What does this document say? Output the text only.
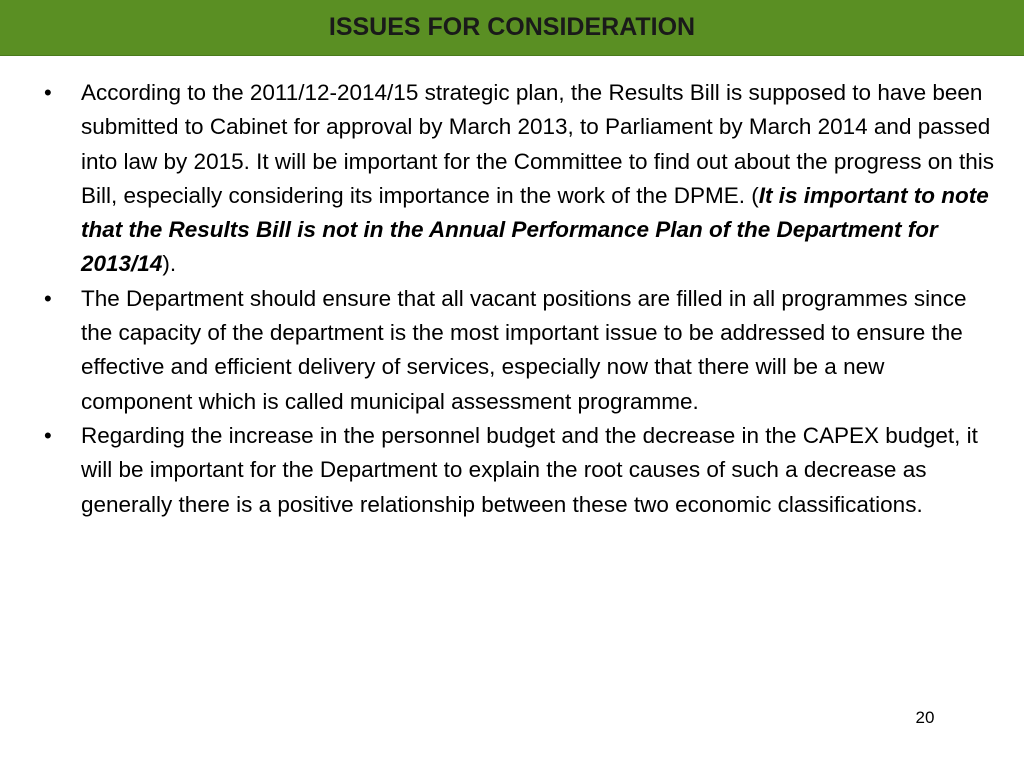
ISSUES FOR CONSIDERATION
• According to the 2011/12-2014/15 strategic plan, the Results Bill is supposed to have been submitted to Cabinet for approval by March 2013, to Parliament by March 2014 and passed into law by 2015. It will be important for the Committee to find out about the progress on this Bill, especially considering its importance in the work of the DPME. (It is important to note that the Results Bill is not in the Annual Performance Plan of the Department for 2013/14).
• The Department should ensure that all vacant positions are filled in all programmes since the capacity of the department is the most important issue to be addressed to ensure the effective and efficient delivery of services, especially now that there will be a new component which is called municipal assessment programme.
• Regarding the increase in the personnel budget and the decrease in the CAPEX budget, it will be important for the Department to explain the root causes of such a decrease as generally there is a positive relationship between these two economic classifications.
20
